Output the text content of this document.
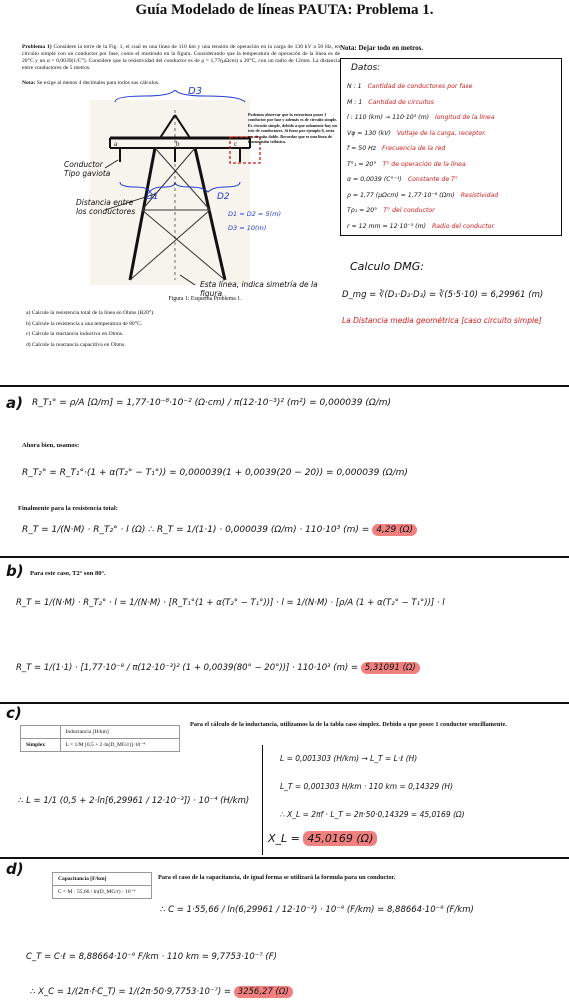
Guía Modelado de líneas PAUTA: Problema 1.
Problema 1) Considere la torre de la Fig. 1, el cual es una línea de 110 km y una tensión de operación en la carga de 130 kV a 50 Hz, en circuito simple con un conductor por fase, como el mostrado en la figura. Considerando que la temperatura de operación de la línea es de 20°C y un α = 0,0039(1/C°). Considere que la resistividad del conductor es de ρ = 1,77(μΩcm) a 20°C, con un radio de 12mm. La distancia entre conductores de 5 metros.
Nota: Se exige al menos 4 decimales para todos sus cálculos.
D3
D1	D2
a	b	c
Conductor Tipo gaviota
Distancia entre los conductores	D1 = D2 = 5(m)
D3 = 10(m)
Esta línea, indica simetría de la figura
Podemos observar que la estructura posee 1 conductor por fase y además es de circuito simple. Es circuito simple, debido a que solamente hay un trío de conductores. Si fuese por ejemplo 6, sería un circuito doble. Recordar que es una línea de transmisión trifásica.
Figura 1: Esquema Problema 1.
a) Calcule la resistencia total de la línea en Ohms (R20°).
b) Calcule la resistencia a una temperatura de 80°C.
c) Calcule la reactancia inductiva en Ohms.
d) Calcule la reactancia capacitiva en Ohms.
Nota: Dejar todo en metros.
Datos:
N : 1 Cantidad de conductores por fase
M : 1 Cantidad de circuitos
l : 110 (km) → 110·10³ (m) longitud de la línea
Vφ = 130 (kV) Voltaje de la carga, receptor.
f = 50 Hz Frecuencia de la red
T°₁ = 20° T° de operación de la línea
α = 0,0039 (C°⁻¹) Constante de T°
ρ = 1,77 (μΩcm) = 1,77·10⁻⁸ (Ωm) Resistividad
Tρ₁ = 20° T° del conductor
r = 12 mm = 12·10⁻³ (m) Radio del conductor
Calculo DMG:
D_mg = ∛(D₁·D₂·D₃) = ∛(5·5·10) = 6,29961 (m)
La Distancia media geométrica [caso circuito simple]
a) R_T₁° = ρ/A [Ω/m] = 1,77·10⁻⁸·10⁻² (Ω·cm) / π(12·10⁻³)² (m²) = 0,000039 (Ω/m)
Ahora bien, usamos:
R_T₂° = R_T₁°·(1 + α(T₂° − T₁°)) = 0,000039(1 + 0,0039(20 − 20)) = 0,000039 (Ω/m)
Finalmente para la resistencia total:
R_T = 1/(N·M) · R_T₂° · l (Ω) ∴ R_T = 1/(1·1) · 0,000039 (Ω/m) · 110·10³ (m) = 4,29 (Ω)
b) Para este caso, T2° son 80°.
R_T = 1/(N·M) · R_T₂° · l = 1/(N·M) · [R_T₁°(1 + α(T₂° − T₁°))] · l = 1/(N·M) · [ρ/A (1 + α(T₂° − T₁°))] · l
R_T = 1/(1·1) · [1,77·10⁻⁸ / π(12·10⁻³)² (1 + 0,0039(80° − 20°))] · 110·10³ (m) = 5,31091 (Ω)
c)
	Inductancia [H/km]
Simplex	L = 1/M [0,5 + 2·ln(D_MG/r)]·10⁻⁴
Para el cálculo de la inductancia, utilizamos la de la tabla caso simplex. Debido a que posee 1 conductor sencillamente.
∴ L = 1/1 (0,5 + 2·ln[6,29961 / 12·10⁻³]) · 10⁻⁴ (H/km)
L = 0,001303 (H/km) → L_T = L·ℓ (H)
L_T = 0,001303 H/km · 110 km = 0,14329 (H)
∴ X_L = 2πf · L_T = 2π·50·0,14329 = 45,0169 (Ω)
X_L = 45,0169 (Ω)
d)
Capacitancia [F/km]
C = M · 55,66 / ln(D_MG/r) · 10⁻⁹
Para el caso de la capacitancia, de igual forma se utilizará la formula para un conductor.
∴ C = 1·55,66 / ln(6,29961 / 12·10⁻³) · 10⁻⁹ (F/km) = 8,88664·10⁻⁹ (F/km)
C_T = C·ℓ = 8,88664·10⁻⁹ F/km · 110 km = 9,7753·10⁻⁷ (F)
∴ X_C = 1/(2π·f·C_T) = 1/(2π·50·9,7753·10⁻⁷) = 3256,27 (Ω)
